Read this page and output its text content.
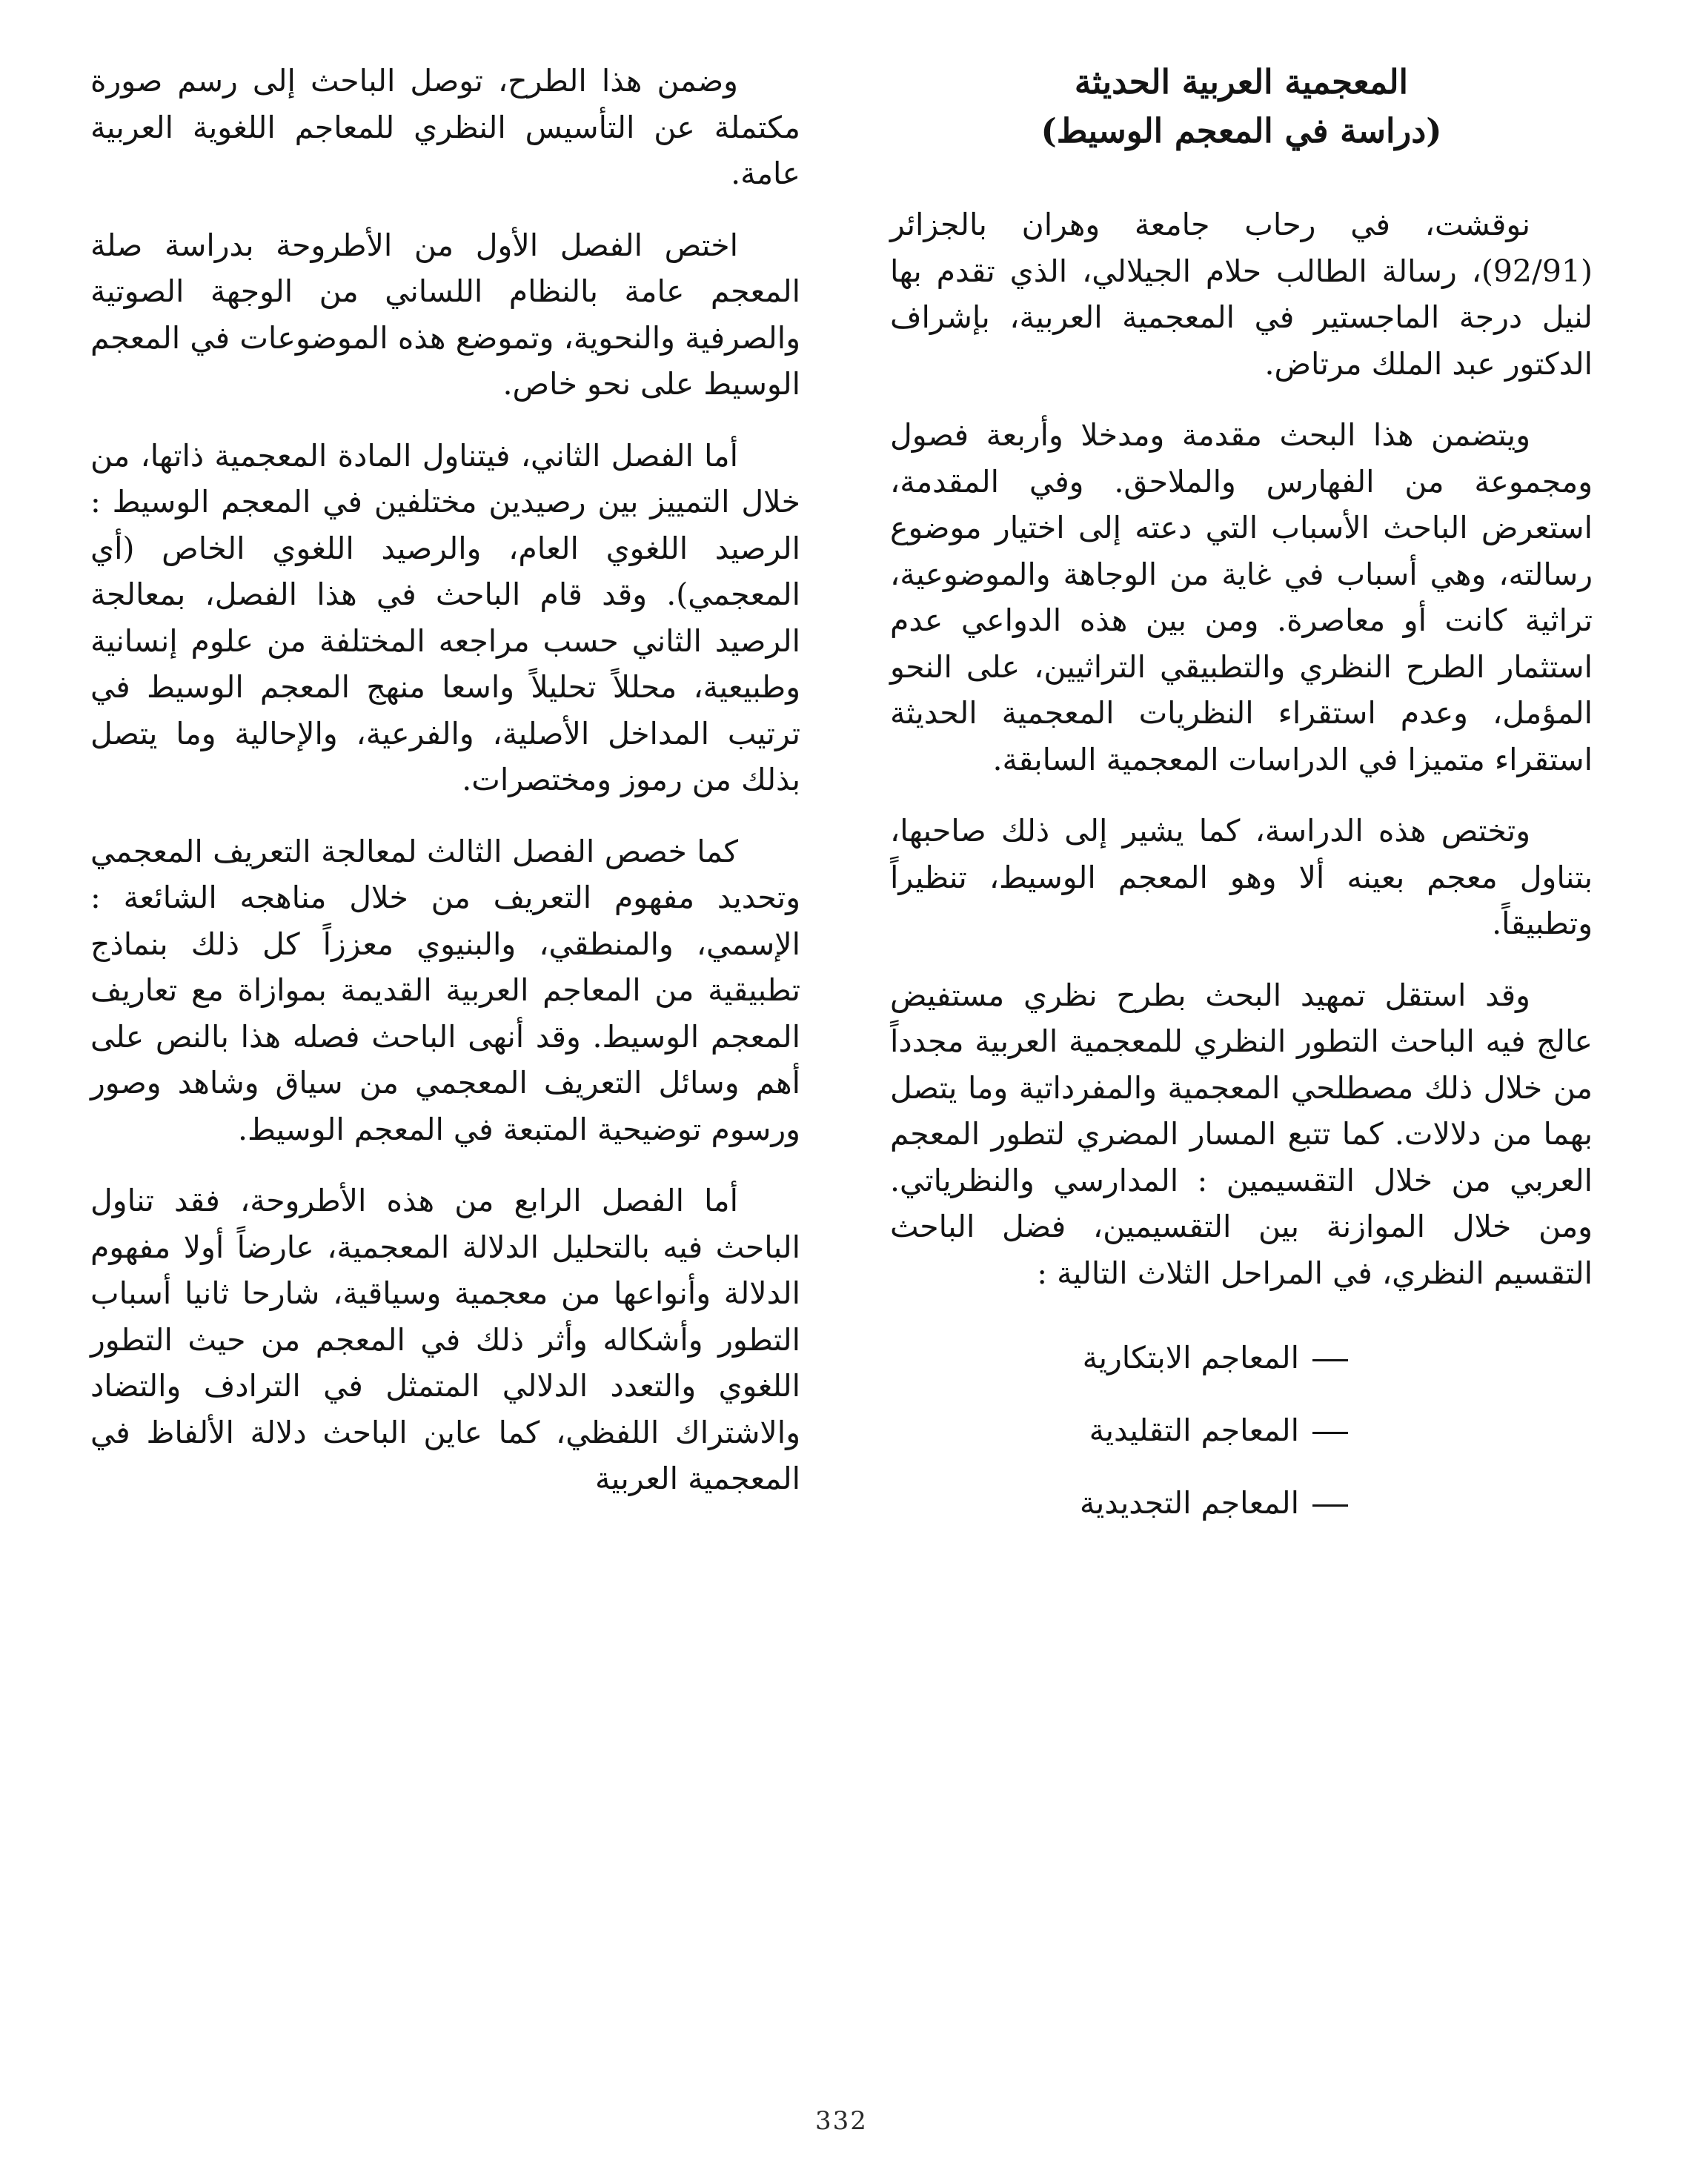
المعجمية العربية الحديثة
(دراسة في المعجم الوسيط)

نوقشت، في رحاب جامعة وهران بالجزائر (92/91)، رسالة الطالب حلام الجيلالي، الذي تقدم بها لنيل درجة الماجستير في المعجمية العربية، بإشراف الدكتور عبد الملك مرتاض.

ويتضمن هذا البحث مقدمة ومدخلا وأربعة فصول ومجموعة من الفهارس والملاحق. وفي المقدمة، استعرض الباحث الأسباب التي دعته إلى اختيار موضوع رسالته، وهي أسباب في غاية من الوجاهة والموضوعية، تراثية كانت أو معاصرة. ومن بين هذه الدواعي عدم استثمار الطرح النظري والتطبيقي التراثيين، على النحو المؤمل، وعدم استقراء النظريات المعجمية الحديثة استقراء متميزا في الدراسات المعجمية السابقة.

وتختص هذه الدراسة، كما يشير إلى ذلك صاحبها، بتناول معجم بعينه ألا وهو المعجم الوسيط، تنظيراً وتطبيقاً.

وقد استقل تمهيد البحث بطرح نظري مستفيض عالج فيه الباحث التطور النظري للمعجمية العربية مجدداً من خلال ذلك مصطلحي المعجمية والمفرداتية وما يتصل بهما من دلالات. كما تتبع المسار المضري لتطور المعجم العربي من خلال التقسيمين : المدارسي والنظرياتي. ومن خلال الموازنة بين التقسيمين، فضل الباحث التقسيم النظري، في المراحل الثلاث التالية :

المعاجم الابتكارية
المعاجم التقليدية
المعاجم التجديدية

وضمن هذا الطرح، توصل الباحث إلى رسم صورة مكتملة عن التأسيس النظري للمعاجم اللغوية العربية عامة.

اختص الفصل الأول من الأطروحة بدراسة صلة المعجم عامة بالنظام اللساني من الوجهة الصوتية والصرفية والنحوية، وتموضع هذه الموضوعات في المعجم الوسيط على نحو خاص.

أما الفصل الثاني، فيتناول المادة المعجمية ذاتها، من خلال التمييز بين رصيدين مختلفين في المعجم الوسيط : الرصيد اللغوي العام، والرصيد اللغوي الخاص (أي المعجمي). وقد قام الباحث في هذا الفصل، بمعالجة الرصيد الثاني حسب مراجعه المختلفة من علوم إنسانية وطبيعية، محللاً تحليلاً واسعا منهج المعجم الوسيط في ترتيب المداخل الأصلية، والفرعية، والإحالية وما يتصل بذلك من رموز ومختصرات.

كما خصص الفصل الثالث لمعالجة التعريف المعجمي وتحديد مفهوم التعريف من خلال مناهجه الشائعة : الإسمي، والمنطقي، والبنيوي معززاً كل ذلك بنماذج تطبيقية من المعاجم العربية القديمة بموازاة مع تعاريف المعجم الوسيط. وقد أنهى الباحث فصله هذا بالنص على أهم وسائل التعريف المعجمي من سياق وشاهد وصور ورسوم توضيحية المتبعة في المعجم الوسيط.

أما الفصل الرابع من هذه الأطروحة، فقد تناول الباحث فيه بالتحليل الدلالة المعجمية، عارضاً أولا مفهوم الدلالة وأنواعها من معجمية وسياقية، شارحا ثانيا أسباب التطور وأشكاله وأثر ذلك في المعجم من حيث التطور اللغوي والتعدد الدلالي المتمثل في الترادف والتضاد والاشتراك اللفظي، كما عاين الباحث دلالة الألفاظ في المعجمية العربية

332
